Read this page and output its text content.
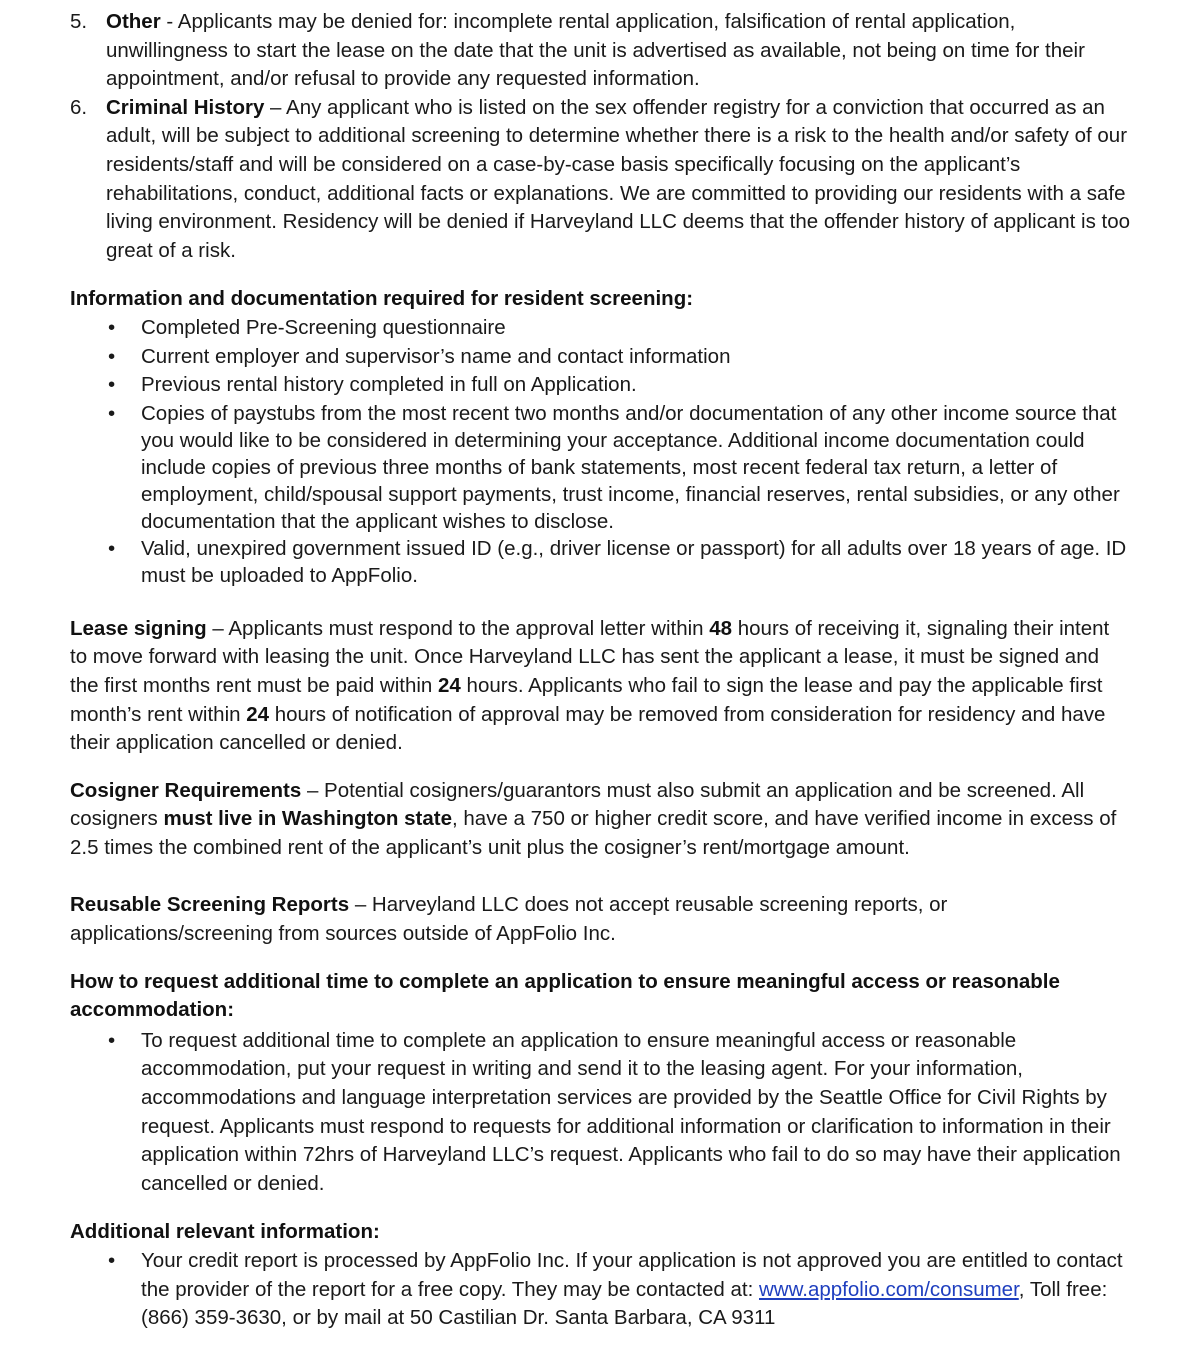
5. Other - Applicants may be denied for: incomplete rental application, falsification of rental application, unwillingness to start the lease on the date that the unit is advertised as available, not being on time for their appointment, and/or refusal to provide any requested information.
6. Criminal History – Any applicant who is listed on the sex offender registry for a conviction that occurred as an adult, will be subject to additional screening to determine whether there is a risk to the health and/or safety of our residents/staff and will be considered on a case-by-case basis specifically focusing on the applicant’s rehabilitations, conduct, additional facts or explanations. We are committed to providing our residents with a safe living environment. Residency will be denied if Harveyland LLC deems that the offender history of applicant is too great of a risk.

Information and documentation required for resident screening:

• Completed Pre-Screening questionnaire
• Current employer and supervisor’s name and contact information
• Previous rental history completed in full on Application.
• Copies of paystubs from the most recent two months and/or documentation of any other income source that you would like to be considered in determining your acceptance. Additional income documentation could include copies of previous three months of bank statements, most recent federal tax return, a letter of employment, child/spousal support payments, trust income, financial reserves, rental subsidies, or any other documentation that the applicant wishes to disclose.
• Valid, unexpired government issued ID (e.g., driver license or passport) for all adults over 18 years of age. ID must be uploaded to AppFolio.

Lease signing – Applicants must respond to the approval letter within 48 hours of receiving it, signaling their intent to move forward with leasing the unit. Once Harveyland LLC has sent the applicant a lease, it must be signed and the first months rent must be paid within 24 hours. Applicants who fail to sign the lease and pay the applicable first month’s rent within 24 hours of notification of approval may be removed from consideration for residency and have their application cancelled or denied.

Cosigner Requirements – Potential cosigners/guarantors must also submit an application and be screened. All cosigners must live in Washington state, have a 750 or higher credit score, and have verified income in excess of 2.5 times the combined rent of the applicant’s unit plus the cosigner’s rent/mortgage amount.

Reusable Screening Reports – Harveyland LLC does not accept reusable screening reports, or applications/screening from sources outside of AppFolio Inc.

How to request additional time to complete an application to ensure meaningful access or reasonable accommodation:

• To request additional time to complete an application to ensure meaningful access or reasonable accommodation, put your request in writing and send it to the leasing agent. For your information, accommodations and language interpretation services are provided by the Seattle Office for Civil Rights by request. Applicants must respond to requests for additional information or clarification to information in their application within 72hrs of Harveyland LLC’s request. Applicants who fail to do so may have their application cancelled or denied.

Additional relevant information:

• Your credit report is processed by AppFolio Inc. If your application is not approved you are entitled to contact the provider of the report for a free copy. They may be contacted at: www.appfolio.com/consumer, Toll free: (866) 359-3630, or by mail at 50 Castilian Dr. Santa Barbara, CA 9311
